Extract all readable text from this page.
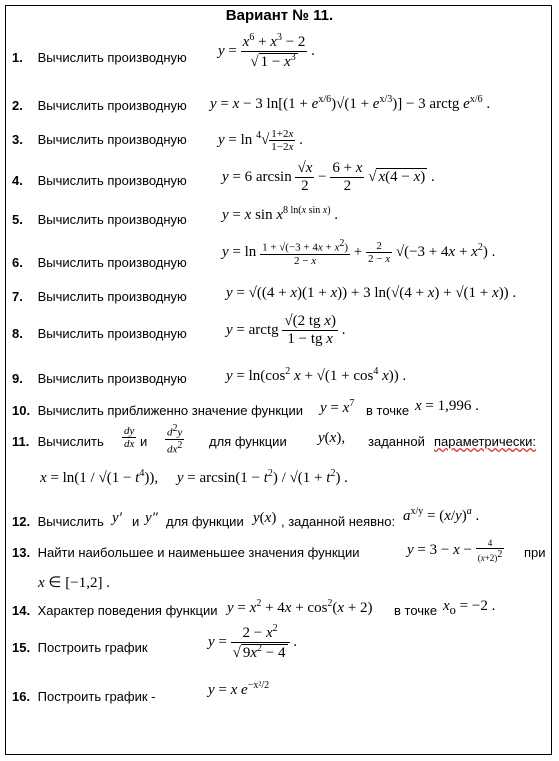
Вариант № 11.
1. Вычислить производную $y = \frac{x^6 + x^3 - 2}{√ 1 - x^3}$ .
2. Вычислить производную y = x − 3 $\ln[(1 + e^{x/6})√(1 + e^{x/3})] - 3$ arctg $e^{x/6}$ .
3. Вычислить производную $y = \ln ^4√ \frac{1+2x}{1-2x}$ .
4. Вычислить производную y = 6 $\arcsin \frac{√x}{2} - \frac{6 + x}{2}$ √ x(4 − x) .
5. Вычислить производную y = x $\sin x^{8 ln(x sin x)}$ .
6. Вычислить производную
$y = \ln \frac{1 + √(-3 + 4x + x^2)}{2 - x} + \frac{2}{2 - x} √(-3 + 4x + x^2)$ .
7. Вычислить производную	y = √((4 + x)(1 + x)) + 3 ln(√(4 + x) + √(1 + x)) .
8. Вычислить производную	y = arctg $\frac{\text{√(2 tg x)}}{\text{1 − tg x}}$ .
9. Вычислить производную	$y = \ln(\cos^2$ $x + √(1 + \cos^4 x)$) .
10. Вычислить приближенно значение функции $y = x^7$ в точке x = 1,996 .
11. Вычислить $\frac{dy}{dx}$ и $\frac{d^2y}{dx^2}$ для функции y(x), заданной параметрически:
$x = \ln(1 / √(1 - t^4))$,     $y = \arcsin(1 - t^2) / √(1 + t^2)$ .
12. Вычислить y′ и y″ для функции y(x) , заданной неявно: $a^{x/y} = (x/y)^a$ .
13. Найти наибольшее и наименьшее значения функции	$y = 3 - x - \frac{4}{(x+2)^2}$ при
x ∈ [−1,2] .
14. Характер поведения функции $y = x^2 + 4x + \cos^2(x + 2)$ в точке $x_o = -2$ .
15. Построить график	$y = \frac{2 - x^2}{√ 9x^2 - 4}$ .
16. Построить график -	y = x $e^{-x^2/2}$
